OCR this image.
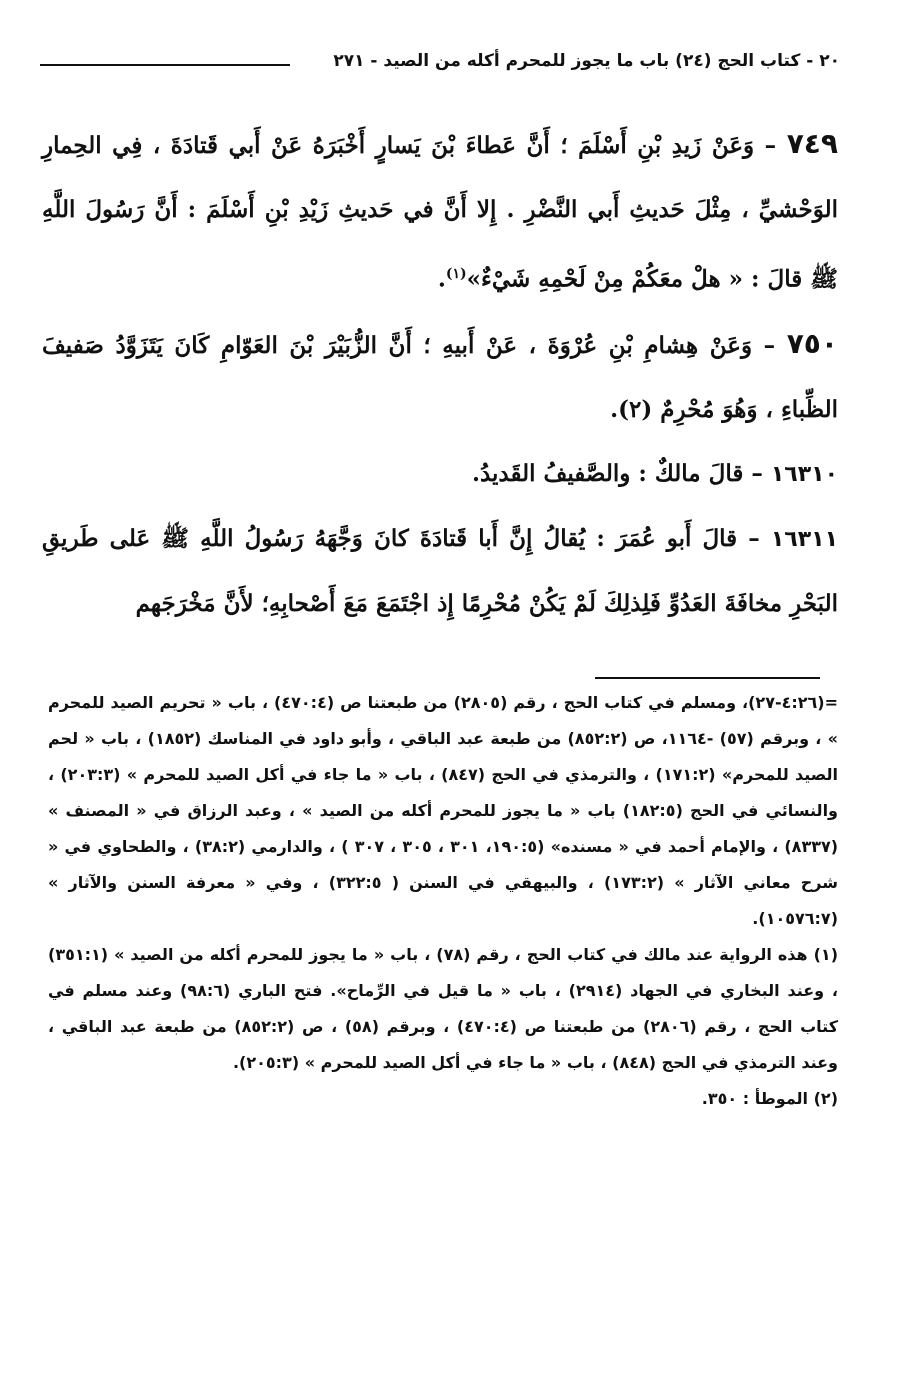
٢٠ - كتاب الحج (٢٤) باب ما يجوز للمحرم أكله من الصيد - ٢٧١

٧٤٩ – وَعَنْ زَيدِ بْنِ أَسْلَمَ ؛ أَنَّ عَطاءَ بْنَ يَسارٍ أَخْبَرَهُ عَنْ أَبي قَتادَةَ ، فِي الحِمارِ الوَحْشيِّ ، مِثْلَ حَديثِ أَبي النَّضْرِ . إِلا أَنَّ في حَديثِ زَيْدِ بْنِ أَسْلَمَ : أَنَّ رَسُولَ اللَّهِ ﷺ قالَ : « هلْ معَكُمْ مِنْ لَحْمِهِ شَيْءٌ»$^{(١)}$.

٧٥٠ – وَعَنْ هِشامِ بْنِ عُرْوَةَ ، عَنْ أَبيهِ ؛ أَنَّ الزُّبَيْرَ بْنَ العَوّامِ كَانَ يَتَزَوَّدُ صَفيفَ الظِّباءِ ، وَهُوَ مُحْرِمٌ (٢).

١٦٣١٠ – قالَ مالكٌ : والصَّفيفُ القَديدُ.

١٦٣١١ – قالَ أَبو عُمَرَ : يُقالُ إِنَّ أَبا قَتادَةَ كانَ وَجَّهَهُ رَسُولُ اللَّهِ ﷺ عَلى طَريقِ البَحْرِ مخافَةَ العَدُوِّ فَلِذلِكَ لَمْ يَكُنْ مُحْرِمًا إِذ اجْتَمَعَ مَعَ أَصْحابِهِ؛ لأَنَّ مَخْرَجَهم

=(٤:٢٦-٢٧)، ومسلم في كتاب الحج ، رقم (٢٨٠٥) من طبعتنا ص (٤٧٠:٤) ، باب « تحريم الصيد للمحرم » ، وبرقم (٥٧) -١١٦٤، ص (٨٥٢:٢) من طبعة عبد الباقي ، وأبو داود في المناسك (١٨٥٢) ، باب « لحم الصيد للمحرم» (١٧١:٢) ، والترمذي في الحج (٨٤٧) ، باب « ما جاء في أكل الصيد للمحرم » (٢٠٣:٣) ، والنسائي في الحج (١٨٢:٥) باب « ما يجوز للمحرم أكله من الصيد » ، وعبد الرزاق في « المصنف » (٨٣٣٧) ، والإمام أحمد في « مسنده» (١٩٠:٥، ٣٠١ ، ٣٠٥ ، ٣٠٧ ) ، والدارمي (٣٨:٢) ، والطحاوي في « شرح معاني الآثار » (١٧٣:٢) ، والبيهقي في السنن ( ٣٢٢:٥) ، وفي « معرفة السنن والآثار » (١٠٥٧٦:٧).

(١) هذه الرواية عند مالك في كتاب الحج ، رقم (٧٨) ، باب « ما يجوز للمحرم أكله من الصيد » (٣٥١:١) ، وعند البخاري في الجهاد (٢٩١٤) ، باب « ما قيل في الرِّماح». فتح الباري (٩٨:٦) وعند مسلم في كتاب الحج ، رقم (٢٨٠٦) من طبعتنا ص (٤٧٠:٤) ، وبرقم (٥٨) ، ص (٨٥٢:٢) من طبعة عبد الباقي ، وعند الترمذي في الحج (٨٤٨) ، باب « ما جاء في أكل الصيد للمحرم » (٢٠٥:٣).

(٢) الموطأ : ٣٥٠.
